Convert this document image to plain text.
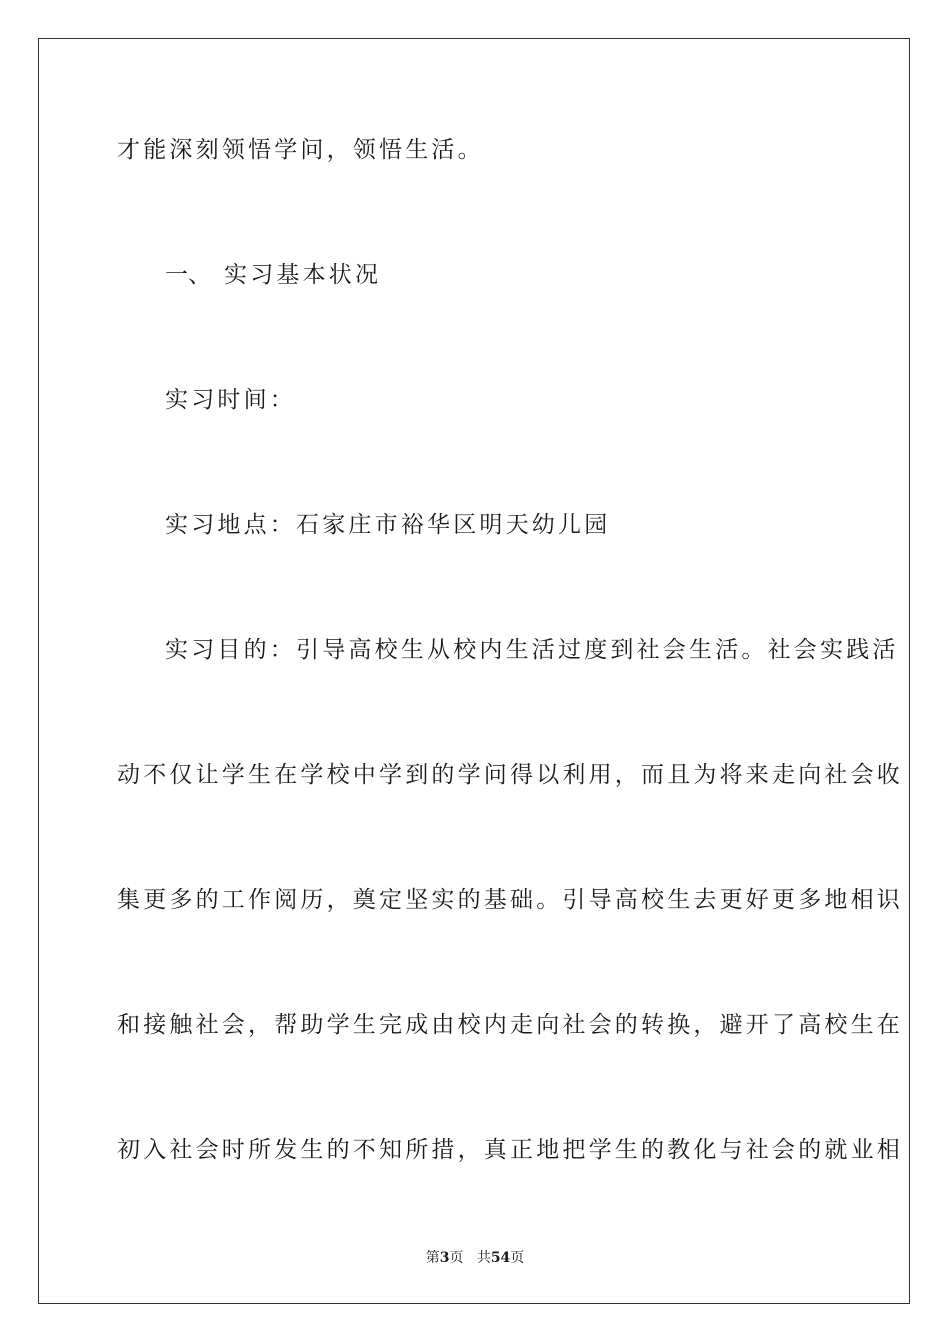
才能深刻领悟学问，领悟生活。
一、 实习基本状况
实习时间：
实习地点：石家庄市裕华区明天幼儿园
实习目的：引导高校生从校内生活过度到社会生活。社会实践活
动不仅让学生在学校中学到的学问得以利用，而且为将来走向社会收
集更多的工作阅历，奠定坚实的基础。引导高校生去更好更多地相识
和接触社会，帮助学生完成由校内走向社会的转换，避开了高校生在
初入社会时所发生的不知所措，真正地把学生的教化与社会的就业相
第3页 共54页
